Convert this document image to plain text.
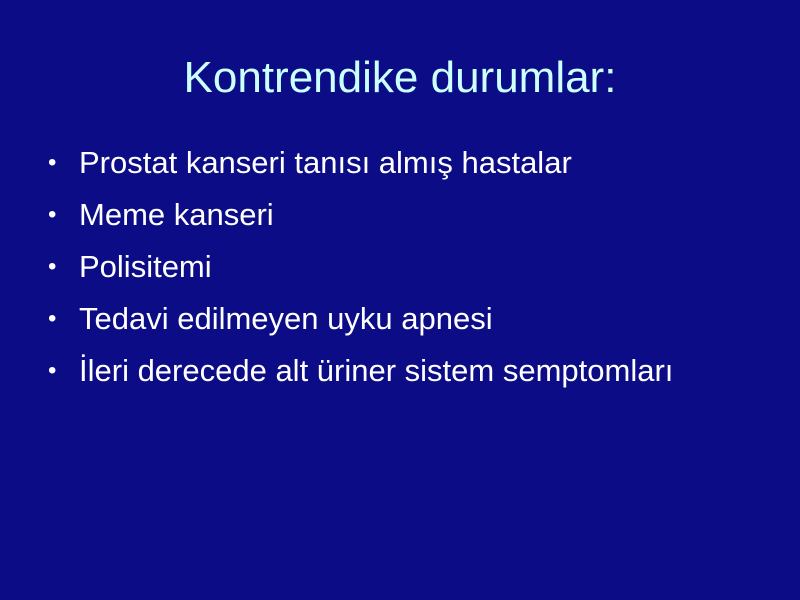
Kontrendike durumlar:
• Prostat kanseri tanısı almış hastalar
• Meme kanseri
• Polisitemi
• Tedavi edilmeyen uyku apnesi
• İleri derecede alt üriner sistem semptomları
